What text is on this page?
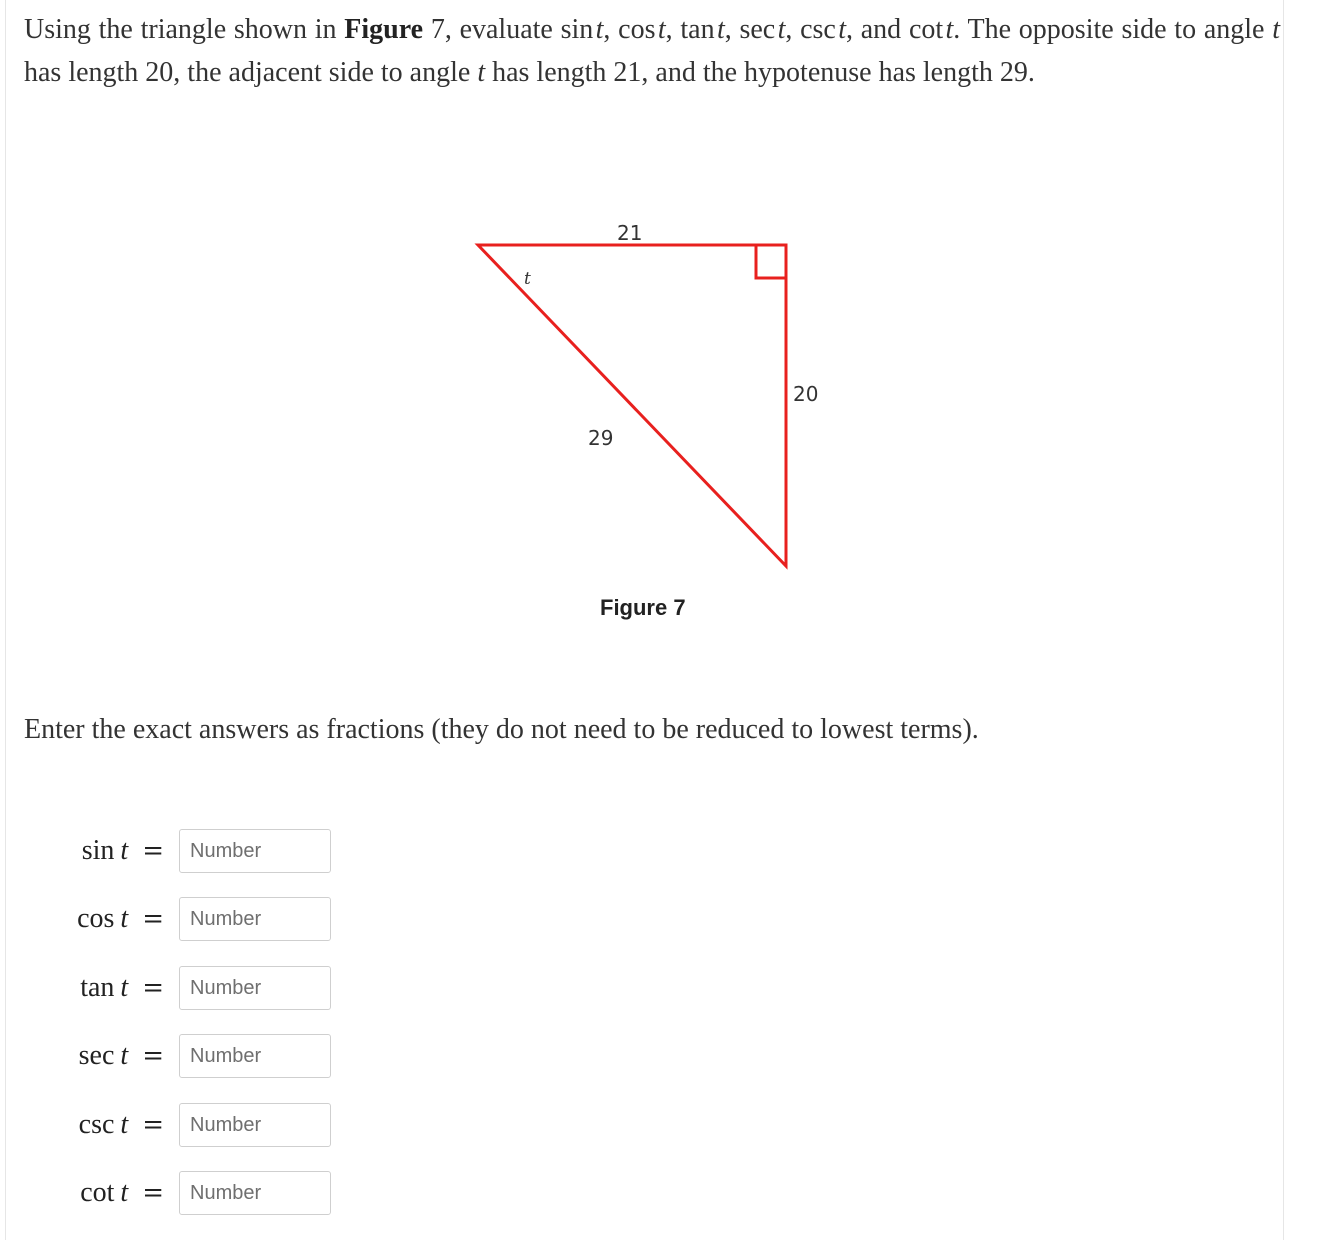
Using the triangle shown in Figure 7, evaluate sin t, cos t, tan t, sec t, csc t, and cot t. The opposite side to angle t has length 20, the adjacent side to angle t has length 21, and the hypotenuse has length 29.
21
20
29
t
Figure 7
Enter the exact answers as fractions (they do not need to be reduced to lowest terms).
sin t =
Number
cos t =
Number
tan t =
Number
sec t =
Number
csc t =
Number
cot t =
Number
